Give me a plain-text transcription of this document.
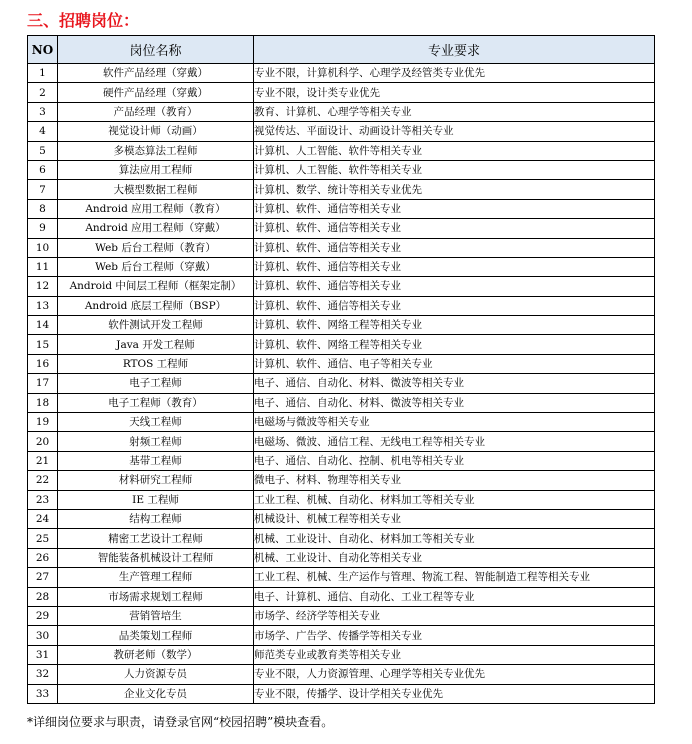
三、招聘岗位：
NO	岗位名称	专业要求
1	软件产品经理（穿戴）	专业不限，计算机科学、心理学及经管类专业优先
2	硬件产品经理（穿戴）	专业不限，设计类专业优先
3	产品经理（教育）	教育、计算机、心理学等相关专业
4	视觉设计师（动画）	视觉传达、平面设计、动画设计等相关专业
5	多模态算法工程师	计算机、人工智能、软件等相关专业
6	算法应用工程师	计算机、人工智能、软件等相关专业
7	大模型数据工程师	计算机、数学、统计等相关专业优先
8	Android 应用工程师（教育）	计算机、软件、通信等相关专业
9	Android 应用工程师（穿戴）	计算机、软件、通信等相关专业
10	Web 后台工程师（教育）	计算机、软件、通信等相关专业
11	Web 后台工程师（穿戴）	计算机、软件、通信等相关专业
12	Android 中间层工程师（框架定制）	计算机、软件、通信等相关专业
13	Android 底层工程师（BSP）	计算机、软件、通信等相关专业
14	软件测试开发工程师	计算机、软件、网络工程等相关专业
15	Java 开发工程师	计算机、软件、网络工程等相关专业
16	RTOS 工程师	计算机、软件、通信、电子等相关专业
17	电子工程师	电子、通信、自动化、材料、微波等相关专业
18	电子工程师（教育）	电子、通信、自动化、材料、微波等相关专业
19	天线工程师	电磁场与微波等相关专业
20	射频工程师	电磁场、微波、通信工程、无线电工程等相关专业
21	基带工程师	电子、通信、自动化、控制、机电等相关专业
22	材料研究工程师	微电子、材料、物理等相关专业
23	IE 工程师	工业工程、机械、自动化、材料加工等相关专业
24	结构工程师	机械设计、机械工程等相关专业
25	精密工艺设计工程师	机械、工业设计、自动化、材料加工等相关专业
26	智能装备机械设计工程师	机械、工业设计、自动化等相关专业
27	生产管理工程师	工业工程、机械、生产运作与管理、物流工程、智能制造工程等相关专业
28	市场需求规划工程师	电子、计算机、通信、自动化、工业工程等专业
29	营销管培生	市场学、经济学等相关专业
30	品类策划工程师	市场学、广告学、传播学等相关专业
31	教研老师（数学）	师范类专业或教育类等相关专业
32	人力资源专员	专业不限，人力资源管理、心理学等相关专业优先
33	企业文化专员	专业不限，传播学、设计学相关专业优先
*详细岗位要求与职责，请登录官网“校园招聘”模块查看。
